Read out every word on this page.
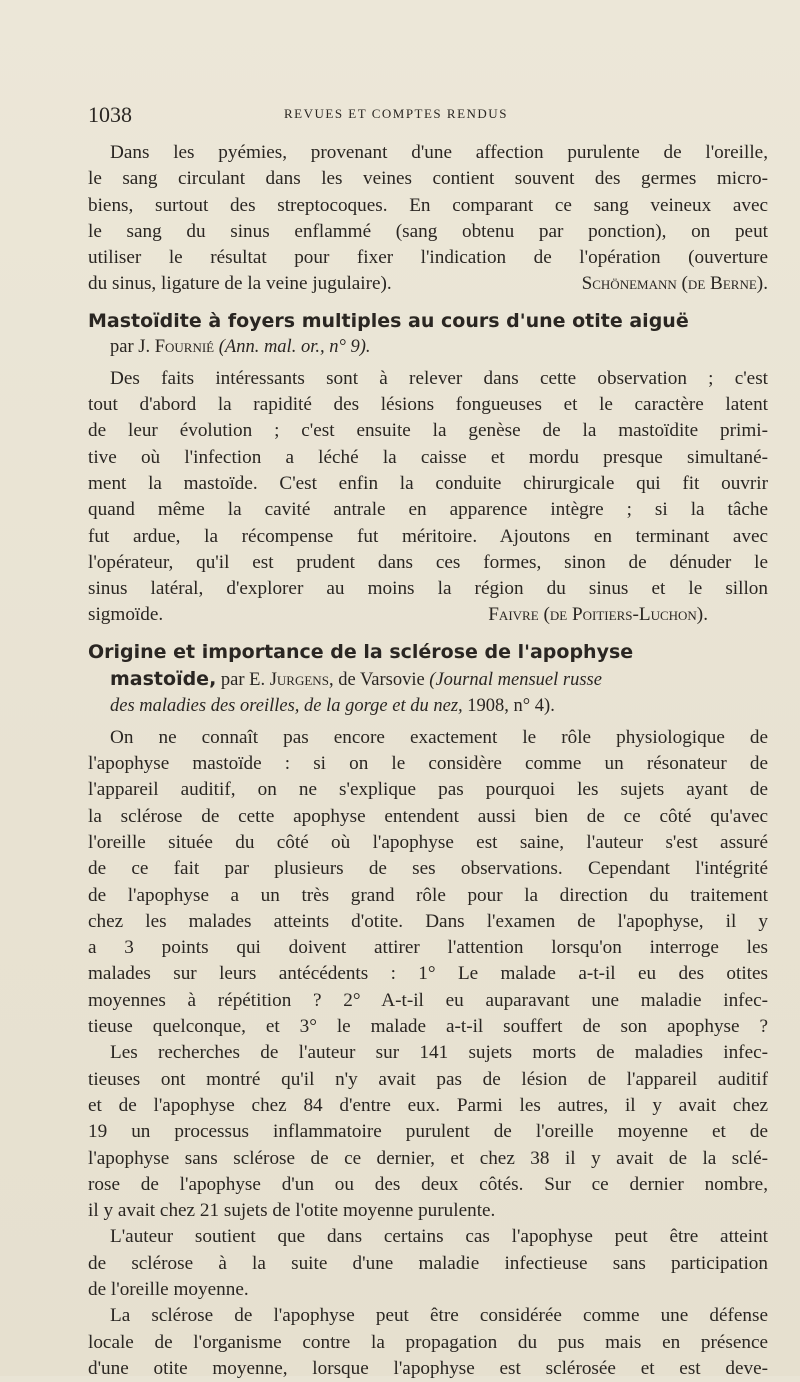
1038	REVUES ET COMPTES RENDUS
Dans les pyémies, provenant d'une affection purulente de l'oreille,
le sang circulant dans les veines contient souvent des germes micro-
biens, surtout des streptocoques. En comparant ce sang veineux avec
le sang du sinus enflammé (sang obtenu par ponction), on peut
utiliser le résultat pour fixer l'indication de l'opération (ouverture
du sinus, ligature de la veine jugulaire).	Schönemann (de Berne).
Mastoïdite à foyers multiples au cours d'une otite aiguë
par J. Fournié (Ann. mal. or., n° 9).
Des faits intéressants sont à relever dans cette observation ; c'est
tout d'abord la rapidité des lésions fongueuses et le caractère latent
de leur évolution ; c'est ensuite la genèse de la mastoïdite primi-
tive où l'infection a léché la caisse et mordu presque simultané-
ment la mastoïde. C'est enfin la conduite chirurgicale qui fit ouvrir
quand même la cavité antrale en apparence intègre ; si la tâche
fut ardue, la récompense fut méritoire. Ajoutons en terminant avec
l'opérateur, qu'il est prudent dans ces formes, sinon de dénuder le
sinus latéral, d'explorer au moins la région du sinus et le sillon
sigmoïde.	Faivre (de Poitiers-Luchon).
Origine et importance de la sclérose de l'apophyse
mastoïde, par E. Jurgens, de Varsovie (Journal mensuel russe
des maladies des oreilles, de la gorge et du nez, 1908, n° 4).
On ne connaît pas encore exactement le rôle physiologique de
l'apophyse mastoïde : si on le considère comme un résonateur de
l'appareil auditif, on ne s'explique pas pourquoi les sujets ayant de
la sclérose de cette apophyse entendent aussi bien de ce côté qu'avec
l'oreille située du côté où l'apophyse est saine, l'auteur s'est assuré
de ce fait par plusieurs de ses observations. Cependant l'intégrité
de l'apophyse a un très grand rôle pour la direction du traitement
chez les malades atteints d'otite. Dans l'examen de l'apophyse, il y
a 3 points qui doivent attirer l'attention lorsqu'on interroge les
malades sur leurs antécédents : 1° Le malade a-t-il eu des otites
moyennes à répétition ? 2° A-t-il eu auparavant une maladie infec-
tieuse quelconque, et 3° le malade a-t-il souffert de son apophyse ?
Les recherches de l'auteur sur 141 sujets morts de maladies infec-
tieuses ont montré qu'il n'y avait pas de lésion de l'appareil auditif
et de l'apophyse chez 84 d'entre eux. Parmi les autres, il y avait chez
19 un processus inflammatoire purulent de l'oreille moyenne et de
l'apophyse sans sclérose de ce dernier, et chez 38 il y avait de la sclé-
rose de l'apophyse d'un ou des deux côtés. Sur ce dernier nombre,
il y avait chez 21 sujets de l'otite moyenne purulente.
L'auteur soutient que dans certains cas l'apophyse peut être atteint
de sclérose à la suite d'une maladie infectieuse sans participation
de l'oreille moyenne.
La sclérose de l'apophyse peut être considérée comme une défense
locale de l'organisme contre la propagation du pus mais en présence
d'une otite moyenne, lorsque l'apophyse est sclérosée et est deve-
